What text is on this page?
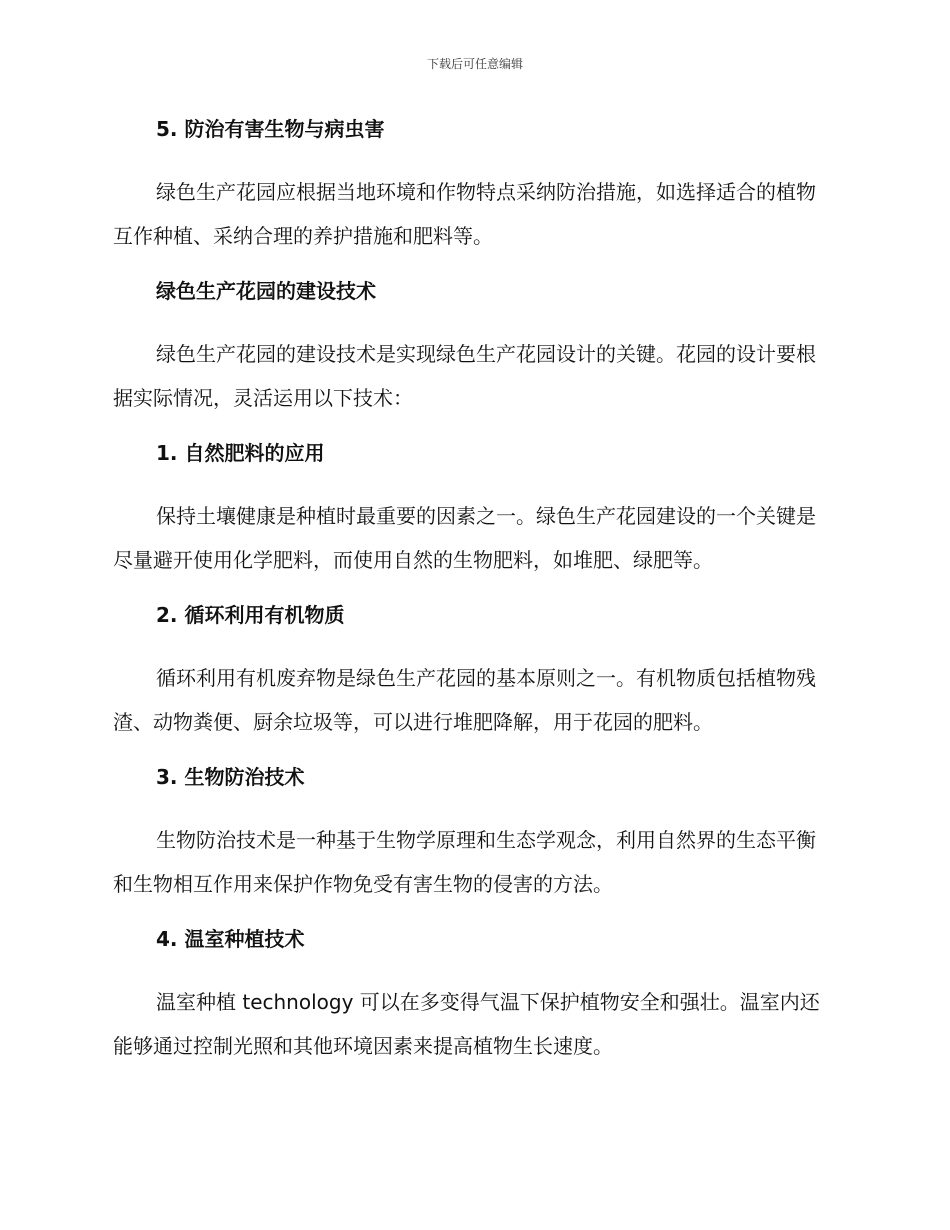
下载后可任意编辑
5. 防治有害生物与病虫害

绿色生产花园应根据当地环境和作物特点采纳防治措施，如选择适合的植物互作种植、采纳合理的养护措施和肥料等。

绿色生产花园的建设技术

绿色生产花园的建设技术是实现绿色生产花园设计的关键。花园的设计要根据实际情况，灵活运用以下技术：

1. 自然肥料的应用

保持土壤健康是种植时最重要的因素之一。绿色生产花园建设的一个关键是尽量避开使用化学肥料，而使用自然的生物肥料，如堆肥、绿肥等。

2. 循环利用有机物质

循环利用有机废弃物是绿色生产花园的基本原则之一。有机物质包括植物残渣、动物粪便、厨余垃圾等，可以进行堆肥降解，用于花园的肥料。

3. 生物防治技术

生物防治技术是一种基于生物学原理和生态学观念，利用自然界的生态平衡和生物相互作用来保护作物免受有害生物的侵害的方法。

4. 温室种植技术

温室种植 technology 可以在多变得气温下保护植物安全和强壮。温室内还能够通过控制光照和其他环境因素来提高植物生长速度。
